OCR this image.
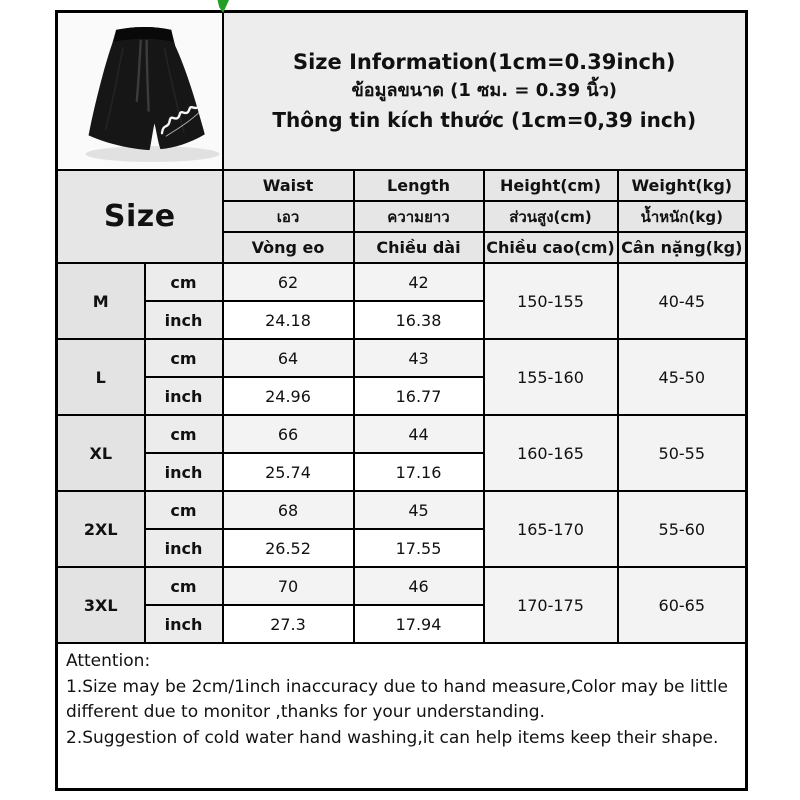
Size Information(1cm=0.39inch)
ข้อมูลขนาด (1 ซม. = 0.39 นิ้ว)
Thông tin kích thước (1cm=0,39 inch)			

Size		Waist	Length	Height(cm)	Weight(kg)
		เอว	ความยาว	ส่วนสูง(cm)	น้ำหนัก(kg)
		Vòng eo	Chiều dài	Chiều cao(cm)	Cân nặng(kg)
M	cm	62	42	150-155	40-45
	inch	24.18	16.38		
L	cm	64	43	155-160	45-50
	inch	24.96	16.77		
XL	cm	66	44	160-165	50-55
	inch	25.74	17.16		
2XL	cm	68	45	165-170	55-60
	inch	26.52	17.55		
3XL	cm	70	46	170-175	60-65
	inch	27.3	17.94		

Attention:
1.Size may be 2cm/1inch inaccuracy due to hand measure,Color may be little different due to monitor ,thanks for your understanding.
2.Suggestion of cold water hand washing,it can help items keep their shape.					
